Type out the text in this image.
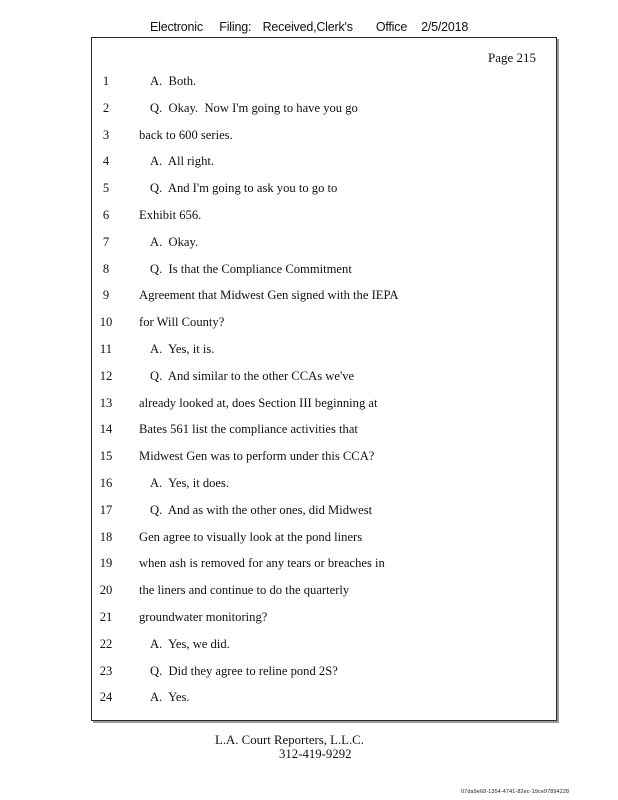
Electronic Filing: Received,Clerk's Office 2/5/2018
Page 215
1	A.  Both.
2	Q.  Okay.  Now I'm going to have you go
3	back to 600 series.
4	A.  All right.
5	Q.  And I'm going to ask you to go to
6	Exhibit 656.
7	A.  Okay.
8	Q.  Is that the Compliance Commitment
9	Agreement that Midwest Gen signed with the IEPA
10	for Will County?
11	A.  Yes, it is.
12	Q.  And similar to the other CCAs we've
13	already looked at, does Section III beginning at
14	Bates 561 list the compliance activities that
15	Midwest Gen was to perform under this CCA?
16	A.  Yes, it does.
17	Q.  And as with the other ones, did Midwest
18	Gen agree to visually look at the pond liners
19	when ash is removed for any tears or breaches in
20	the liners and continue to do the quarterly
21	groundwater monitoring?
22	A.  Yes, we did.
23	Q.  Did they agree to reline pond 2S?
24	A.  Yes.
L.A. Court Reporters, L.L.C.
312-419-9292
07da9e68-1354-4741-82ec-19ce97894228
